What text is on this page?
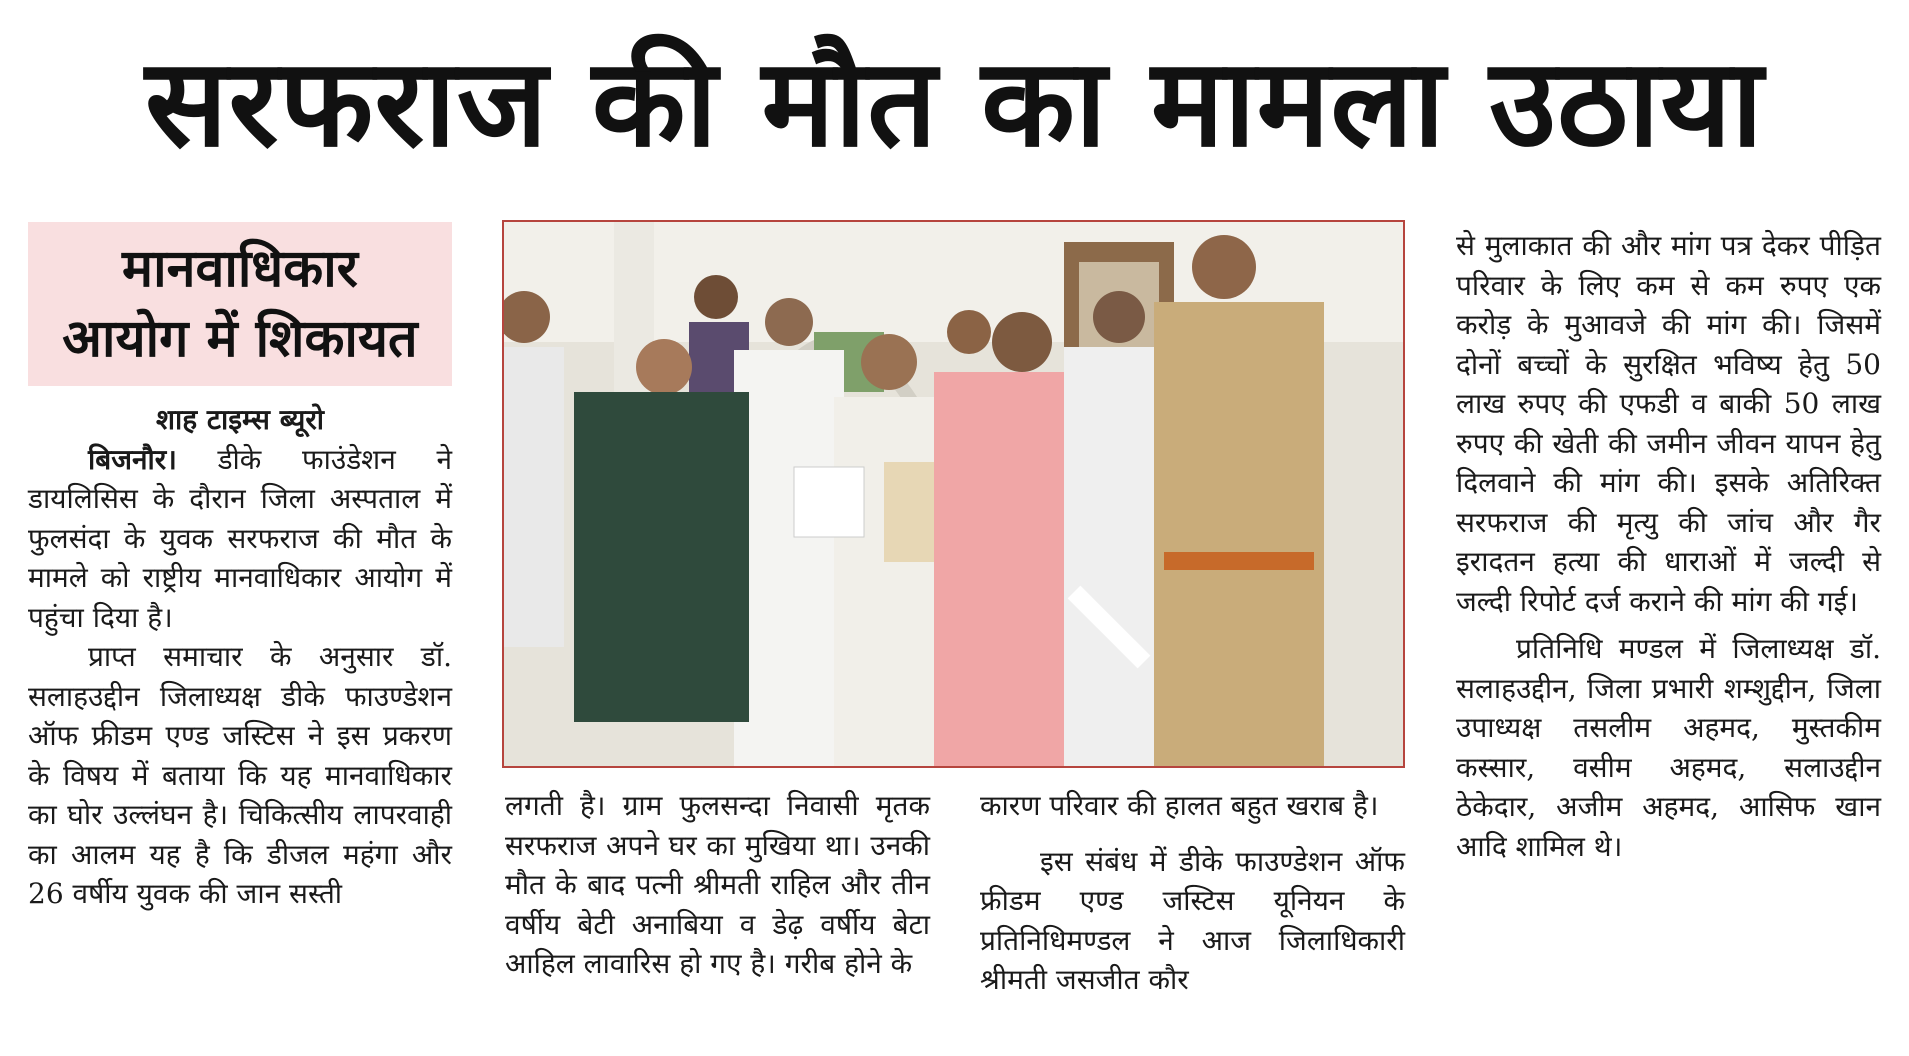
सरफराज की मौत का मामला उठाया
मानवाधिकार
आयोग में शिकायत

शाह टाइम्स ब्यूरो

बिजनौर। डीके फाउंडेशन ने डायलिसिस के दौरान जिला अस्पताल में फुलसंदा के युवक सरफराज की मौत के मामले को राष्ट्रीय मानवाधिकार आयोग में पहुंचा दिया है।

प्राप्त समाचार के अनुसार डॉ. सलाहउद्दीन जिलाध्यक्ष डीके फाउण्डेशन ऑफ फ्रीडम एण्ड जस्टिस ने इस प्रकरण के विषय में बताया कि यह मानवाधिकार का घोर उल्लंघन है। चिकित्सीय लापरवाही का आलम यह है कि डीजल महंगा और 26 वर्षीय युवक की जान सस्ती

लगती है। ग्राम फुलसन्दा निवासी मृतक सरफराज अपने घर का मुखिया था। उनकी मौत के बाद पत्नी श्रीमती राहिल और तीन वर्षीय बेटी अनाबिया व डेढ़ वर्षीय बेटा आहिल लावारिस हो गए है। गरीब होने के

कारण परिवार की हालत बहुत खराब है।

इस संबंध में डीके फाउण्डेशन ऑफ फ्रीडम एण्ड जस्टिस यूनियन के प्रतिनिधिमण्डल ने आज जिलाधिकारी श्रीमती जसजीत कौर

से मुलाकात की और मांग पत्र देकर पीड़ित परिवार के लिए कम से कम रुपए एक करोड़ के मुआवजे की मांग की। जिसमें दोनों बच्चों के सुरक्षित भविष्य हेतु 50 लाख रुपए की एफडी व बाकी 50 लाख रुपए की खेती की जमीन जीवन यापन हेतु दिलवाने की मांग की। इसके अतिरिक्त सरफराज की मृत्यु की जांच और गैर इरादतन हत्या की धाराओं में जल्दी से जल्दी रिपोर्ट दर्ज कराने की मांग की गई।

प्रतिनिधि मण्डल में जिलाध्यक्ष डॉ. सलाहउद्दीन, जिला प्रभारी शम्शुद्दीन, जिला उपाध्यक्ष तसलीम अहमद, मुस्तकीम कस्सार, वसीम अहमद, सलाउद्दीन ठेकेदार, अजीम अहमद, आसिफ खान आदि शामिल थे।
